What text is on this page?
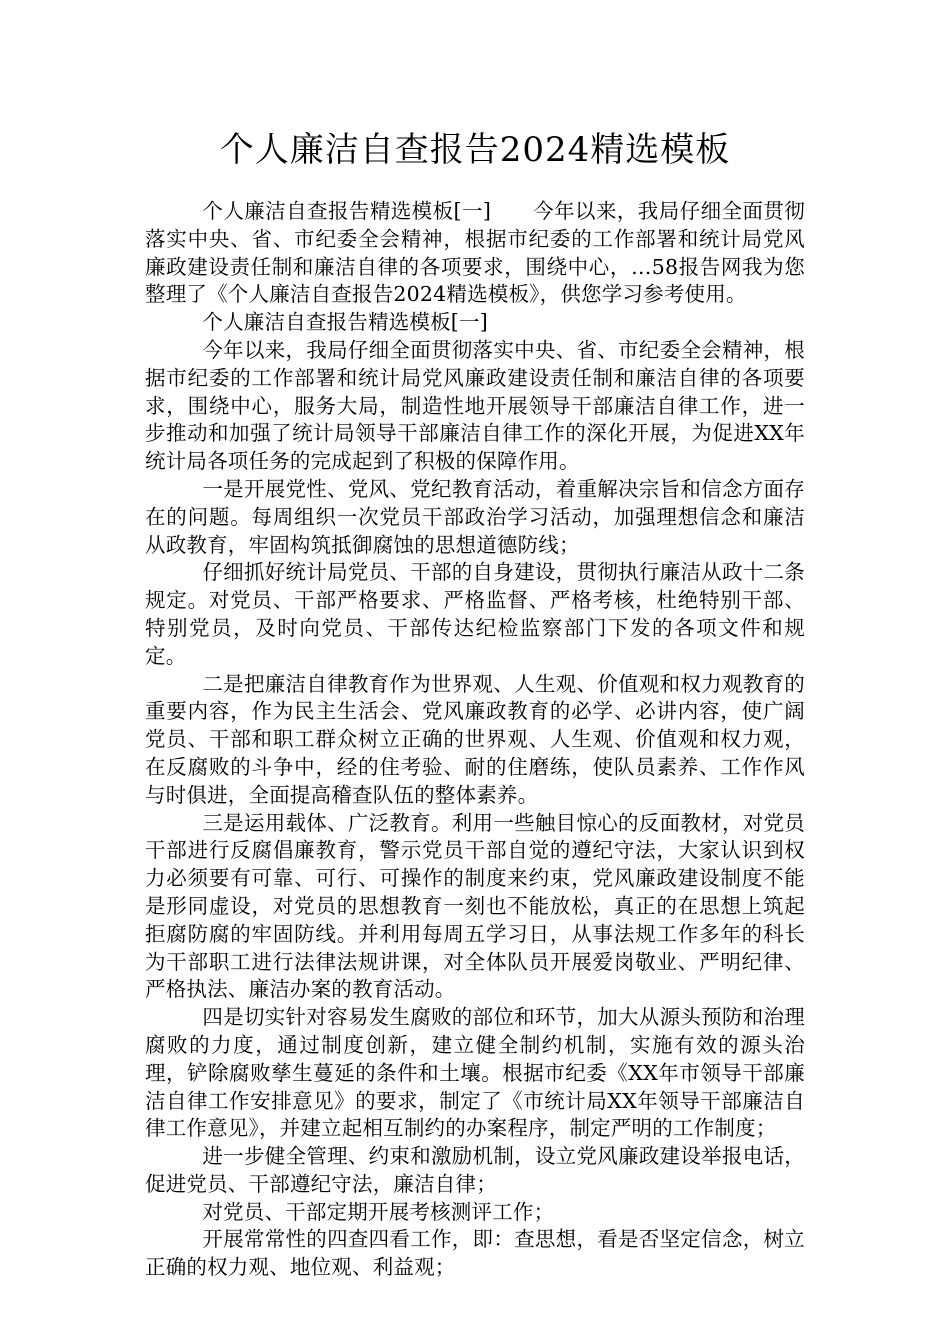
个人廉洁自查报告2024精选模板

个人廉洁自查报告精选模板[一]　　今年以来，我局仔细全面贯彻落实中央、省、市纪委全会精神，根据市纪委的工作部署和统计局党风廉政建设责任制和廉洁自律的各项要求，围绕中心，…58报告网我为您整理了《个人廉洁自查报告2024精选模板》，供您学习参考使用。

个人廉洁自查报告精选模板[一]

今年以来，我局仔细全面贯彻落实中央、省、市纪委全会精神，根据市纪委的工作部署和统计局党风廉政建设责任制和廉洁自律的各项要求，围绕中心，服务大局，制造性地开展领导干部廉洁自律工作，进一步推动和加强了统计局领导干部廉洁自律工作的深化开展，为促进XX年统计局各项任务的完成起到了积极的保障作用。

一是开展党性、党风、党纪教育活动，着重解决宗旨和信念方面存在的问题。每周组织一次党员干部政治学习活动，加强理想信念和廉洁从政教育，牢固构筑抵御腐蚀的思想道德防线；

仔细抓好统计局党员、干部的自身建设，贯彻执行廉洁从政十二条规定。对党员、干部严格要求、严格监督、严格考核，杜绝特别干部、特别党员，及时向党员、干部传达纪检监察部门下发的各项文件和规定。

二是把廉洁自律教育作为世界观、人生观、价值观和权力观教育的重要内容，作为民主生活会、党风廉政教育的必学、必讲内容，使广阔党员、干部和职工群众树立正确的世界观、人生观、价值观和权力观，在反腐败的斗争中，经的住考验、耐的住磨练，使队员素养、工作作风与时俱进，全面提高稽查队伍的整体素养。

三是运用载体、广泛教育。利用一些触目惊心的反面教材，对党员干部进行反腐倡廉教育，警示党员干部自觉的遵纪守法，大家认识到权力必须要有可靠、可行、可操作的制度来约束，党风廉政建设制度不能是形同虚设，对党员的思想教育一刻也不能放松，真正的在思想上筑起拒腐防腐的牢固防线。并利用每周五学习日，从事法规工作多年的科长为干部职工进行法律法规讲课，对全体队员开展爱岗敬业、严明纪律、严格执法、廉洁办案的教育活动。

四是切实针对容易发生腐败的部位和环节，加大从源头预防和治理腐败的力度，通过制度创新，建立健全制约机制，实施有效的源头治理，铲除腐败孳生蔓延的条件和土壤。根据市纪委《XX年市领导干部廉洁自律工作安排意见》的要求，制定了《市统计局XX年领导干部廉洁自律工作意见》，并建立起相互制约的办案程序，制定严明的工作制度；

进一步健全管理、约束和激励机制，设立党风廉政建设举报电话，促进党员、干部遵纪守法，廉洁自律；

对党员、干部定期开展考核测评工作；

开展常常性的四查四看工作，即：查思想，看是否坚定信念，树立正确的权力观、地位观、利益观；
